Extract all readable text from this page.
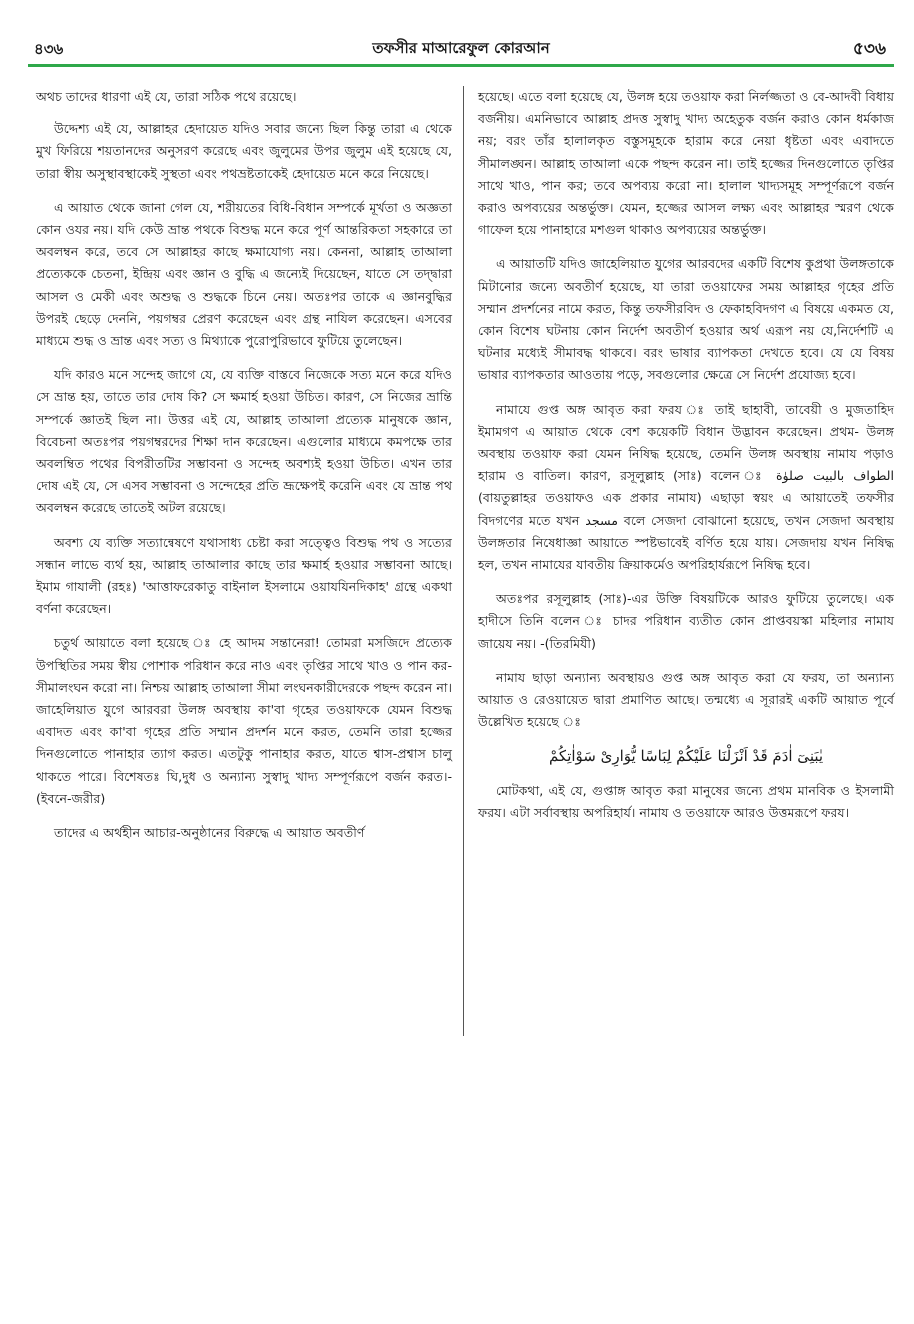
৪৩৬	তফসীর মাআরেফুল কোরআন	৫৩৬

অথচ তাদের ধারণা এই যে, তারা সঠিক পথে রয়েছে।

উদ্দেশ্য এই যে, আল্লাহর হেদায়েত যদিও সবার জন্যে ছিল কিন্তু তারা এ থেকে মুখ ফিরিয়ে শয়তানদের অনুসরণ করেছে এবং জুলুমের উপর জুলুম এই হয়েছে যে, তারা স্বীয় অসুস্থাবস্থাকেই সুস্থতা এবং পথভ্রষ্টতাকেই হেদায়েত মনে করে নিয়েছে।

এ আয়াত থেকে জানা গেল যে, শরীয়তের বিধি-বিধান সম্পর্কে মূর্খতা ও অজ্ঞতা কোন ওযর নয়। যদি কেউ ভ্রান্ত পথকে বিশুদ্ধ মনে করে পূর্ণ আন্তরিকতা সহকারে তা অবলম্বন করে, তবে সে আল্লাহর কাছে ক্ষমাযোগ্য নয়। কেননা, আল্লাহ তাআলা প্রত্যেককে চেতনা, ইন্দ্রিয় এবং জ্ঞান ও বুদ্ধি এ জন্যেই দিয়েছেন, যাতে সে তদ্দ্বারা আসল ও মেকী এবং অশুদ্ধ ও শুদ্ধকে চিনে নেয়। অতঃপর তাকে এ জ্ঞানবুদ্ধির উপরই ছেড়ে দেননি, পয়গম্বর প্রেরণ করেছেন এবং গ্রন্থ নাযিল করেছেন। এসবের মাধ্যমে শুদ্ধ ও ভ্রান্ত এবং সত্য ও মিথ্যাকে পুরোপুরিভাবে ফুটিয়ে তুলেছেন।

যদি কারও মনে সন্দেহ জাগে যে, যে ব্যক্তি বাস্তবে নিজেকে সত্য মনে করে যদিও সে ভ্রান্ত হয়, তাতে তার দোষ কি? সে ক্ষমার্হ হওয়া উচিত। কারণ, সে নিজের ভ্রান্তি সম্পর্কে জ্ঞাতই ছিল না। উত্তর এই যে, আল্লাহ তাআলা প্রত্যেক মানুষকে জ্ঞান, বিবেচনা অতঃপর পয়গম্বরদের শিক্ষা দান করেছেন। এগুলোর মাধ্যমে কমপক্ষে তার অবলম্বিত পথের বিপরীতটির সম্ভাবনা ও সন্দেহ অবশ্যই হওয়া উচিত। এখন তার দোষ এই যে, সে এসব সম্ভাবনা ও সন্দেহের প্রতি ভ্রূক্ষেপই করেনি এবং যে ভ্রান্ত পথ অবলম্বন করেছে তাতেই অটল রয়েছে।

অবশ্য যে ব্যক্তি সত্যান্বেষণে যথাসাধ্য চেষ্টা করা সত্ত্বেও বিশুদ্ধ পথ ও সত্যের সন্ধান লাভে ব্যর্থ হয়, আল্লাহ তাআলার কাছে তার ক্ষমার্হ হওয়ার সম্ভাবনা আছে। ইমাম গাযালী (রহঃ) 'আত্তাফরেকাতু বাইনাল ইসলামে ওয়াযযিনদিকাহ' গ্রন্থে একথা বর্ণনা করেছেন।

চতুর্থ আয়াতে বলা হয়েছে ঃ হে আদম সন্তানেরা! তোমরা মসজিদে প্রত্যেক উপস্থিতির সময় স্বীয় পোশাক পরিধান করে নাও এবং তৃপ্তির সাথে খাও ও পান কর-সীমালংঘন করো না। নিশ্চয় আল্লাহ তাআলা সীমা লংঘনকারীদেরকে পছন্দ করেন না। জাহেলিয়াত যুগে আরবরা উলঙ্গ অবস্থায় কা'বা গৃহের তওয়াফকে যেমন বিশুদ্ধ এবাদত এবং কা'বা গৃহের প্রতি সম্মান প্রদর্শন মনে করত, তেমনি তারা হজ্জের দিনগুলোতে পানাহার ত্যাগ করত। এতটুকু পানাহার করত, যাতে শ্বাস-প্রশ্বাস চালু থাকতে পারে। বিশেষতঃ ঘি,দুধ ও অন্যান্য সুস্বাদু খাদ্য সম্পূর্ণরূপে বর্জন করত।-(ইবনে-জরীর)

তাদের এ অর্থহীন আচার-অনুষ্ঠানের বিরুদ্ধে এ আয়াত অবতীর্ণ

হয়েছে। এতে বলা হয়েছে যে, উলঙ্গ হয়ে তওয়াফ করা নির্লজ্জতা ও বে-আদবী বিধায় বর্জনীয়। এমনিভাবে আল্লাহ প্রদত্ত সুস্বাদু খাদ্য অহেতুক বর্জন করাও কোন ধর্মকাজ নয়; বরং তাঁর হালালকৃত বস্তুসমূহকে হারাম করে নেয়া ধৃষ্টতা এবং এবাদতে সীমালঙ্ঘন। আল্লাহ তাআলা একে পছন্দ করেন না। তাই হজ্জের দিনগুলোতে তৃপ্তির সাথে খাও, পান কর; তবে অপব্যয় করো না। হালাল খাদ্যসমূহ সম্পূর্ণরূপে বর্জন করাও অপব্যয়ের অন্তর্ভুক্ত। যেমন, হজ্জের আসল লক্ষ্য এবং আল্লাহর স্মরণ থেকে গাফেল হয়ে পানাহারে মশগুল থাকাও অপব্যয়ের অন্তর্ভুক্ত।

এ আয়াতটি যদিও জাহেলিয়াত যুগের আরবদের একটি বিশেষ কুপ্রথা উলঙ্গতাকে মিটানোর জন্যে অবতীর্ণ হয়েছে, যা তারা তওয়াফের সময় আল্লাহর গৃহের প্রতি সম্মান প্রদর্শনের নামে করত, কিন্তু তফসীরবিদ ও ফেকাহবিদগণ এ বিষয়ে একমত যে, কোন বিশেষ ঘটনায় কোন নির্দেশ অবতীর্ণ হওয়ার অর্থ এরূপ নয় যে,নির্দেশটি এ ঘটনার মধ্যেই সীমাবদ্ধ থাকবে। বরং ভাষার ব্যাপকতা দেখতে হবে। যে যে বিষয় ভাষার ব্যাপকতার আওতায় পড়ে, সবগুলোর ক্ষেত্রে সে নির্দেশ প্রযোজ্য হবে।

নামাযে গুপ্ত অঙ্গ আবৃত করা ফরয ঃ তাই ছাহাবী, তাবেয়ী ও মুজতাহিদ ইমামগণ এ আয়াত থেকে বেশ কয়েকটি বিধান উদ্ভাবন করেছেন। প্রথম- উলঙ্গ অবস্থায় তওয়াফ করা যেমন নিষিদ্ধ হয়েছে, তেমনি উলঙ্গ অবস্থায় নামায পড়াও হারাম ও বাতিল। কারণ, রসূলুল্লাহ (সাঃ) বলেন ঃ الطواف بالبيت صلوٰة (বায়তুল্লাহর তওয়াফও এক প্রকার নামায) এছাড়া স্বয়ং এ আয়াতেই তফসীর বিদগণের মতে যখন مسجد বলে সেজদা বোঝানো হয়েছে, তখন সেজদা অবস্থায় উলঙ্গতার নিষেধাজ্ঞা আয়াতে স্পষ্টভাবেই বর্ণিত হয়ে যায়। সেজদায় যখন নিষিদ্ধ হল, তখন নামাযের যাবতীয় ক্রিয়াকর্মেও অপরিহার্যরূপে নিষিদ্ধ হবে।

অতঃপর রসূলুল্লাহ (সাঃ)-এর উক্তি বিষয়টিকে আরও ফুটিয়ে তুলেছে। এক হাদীসে তিনি বলেন ঃ চাদর পরিধান ব্যতীত কোন প্রাপ্তবয়স্কা মহিলার নামায জায়েয নয়। -(তিরমিযী)

নামায ছাড়া অন্যান্য অবস্থায়ও গুপ্ত অঙ্গ আবৃত করা যে ফরয, তা অন্যান্য আয়াত ও রেওয়ায়েত দ্বারা প্রমাণিত আছে। তন্মধ্যে এ সূরারই একটি আয়াত পূর্বে উল্লেখিত হয়েছে ঃ

يٰبَنِىٓ اٰدَمَ قَدْ اَنْزَلْنَا عَلَيْكُمْ لِبَاسًا يُّوَارِىْ سَوْاٰتِكُمْ

মোটকথা, এই যে, গুপ্তাঙ্গ আবৃত করা মানুষের জন্যে প্রথম মানবিক ও ইসলামী ফরয। এটা সর্বাবস্থায় অপরিহার্য। নামায ও তওয়াফে আরও উত্তমরূপে ফরয।
